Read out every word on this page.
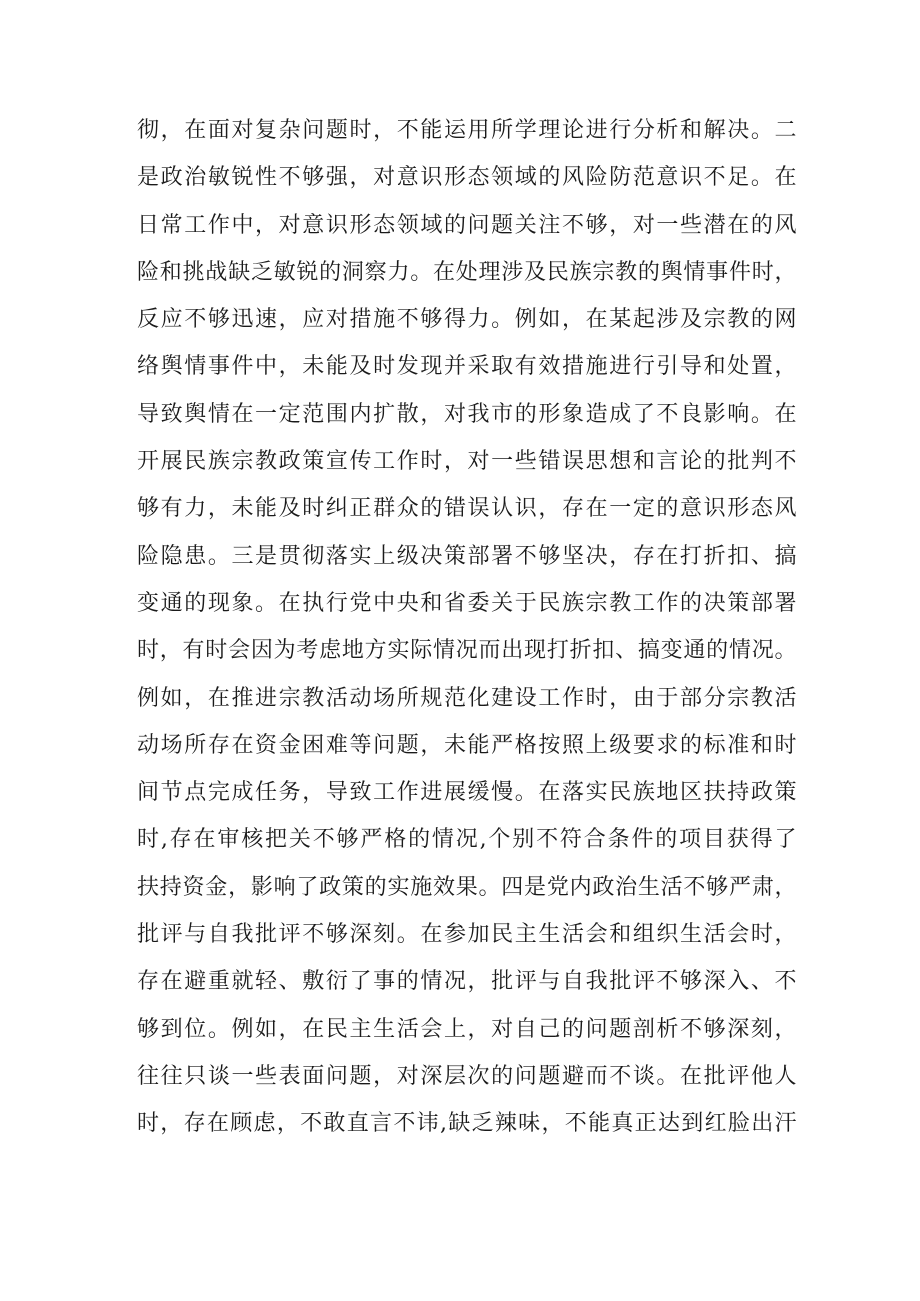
彻，在面对复杂问题时，不能运用所学理论进行分析和解决。二
是政治敏锐性不够强，对意识形态领域的风险防范意识不足。在
日常工作中，对意识形态领域的问题关注不够，对一些潜在的风
险和挑战缺乏敏锐的洞察力。在处理涉及民族宗教的舆情事件时，
反应不够迅速，应对措施不够得力。例如，在某起涉及宗教的网
络舆情事件中，未能及时发现并采取有效措施进行引导和处置，
导致舆情在一定范围内扩散，对我市的形象造成了不良影响。在
开展民族宗教政策宣传工作时，对一些错误思想和言论的批判不
够有力，未能及时纠正群众的错误认识，存在一定的意识形态风
险隐患。三是贯彻落实上级决策部署不够坚决，存在打折扣、搞
变通的现象。在执行党中央和省委关于民族宗教工作的决策部署
时，有时会因为考虑地方实际情况而出现打折扣、搞变通的情况。
例如，在推进宗教活动场所规范化建设工作时，由于部分宗教活
动场所存在资金困难等问题，未能严格按照上级要求的标准和时
间节点完成任务，导致工作进展缓慢。在落实民族地区扶持政策
时,存在审核把关不够严格的情况,个别不符合条件的项目获得了
扶持资金，影响了政策的实施效果。四是党内政治生活不够严肃，
批评与自我批评不够深刻。在参加民主生活会和组织生活会时，
存在避重就轻、敷衍了事的情况，批评与自我批评不够深入、不
够到位。例如，在民主生活会上，对自己的问题剖析不够深刻，
往往只谈一些表面问题，对深层次的问题避而不谈。在批评他人
时，存在顾虑，不敢直言不讳,缺乏辣味，不能真正达到红脸出汗
